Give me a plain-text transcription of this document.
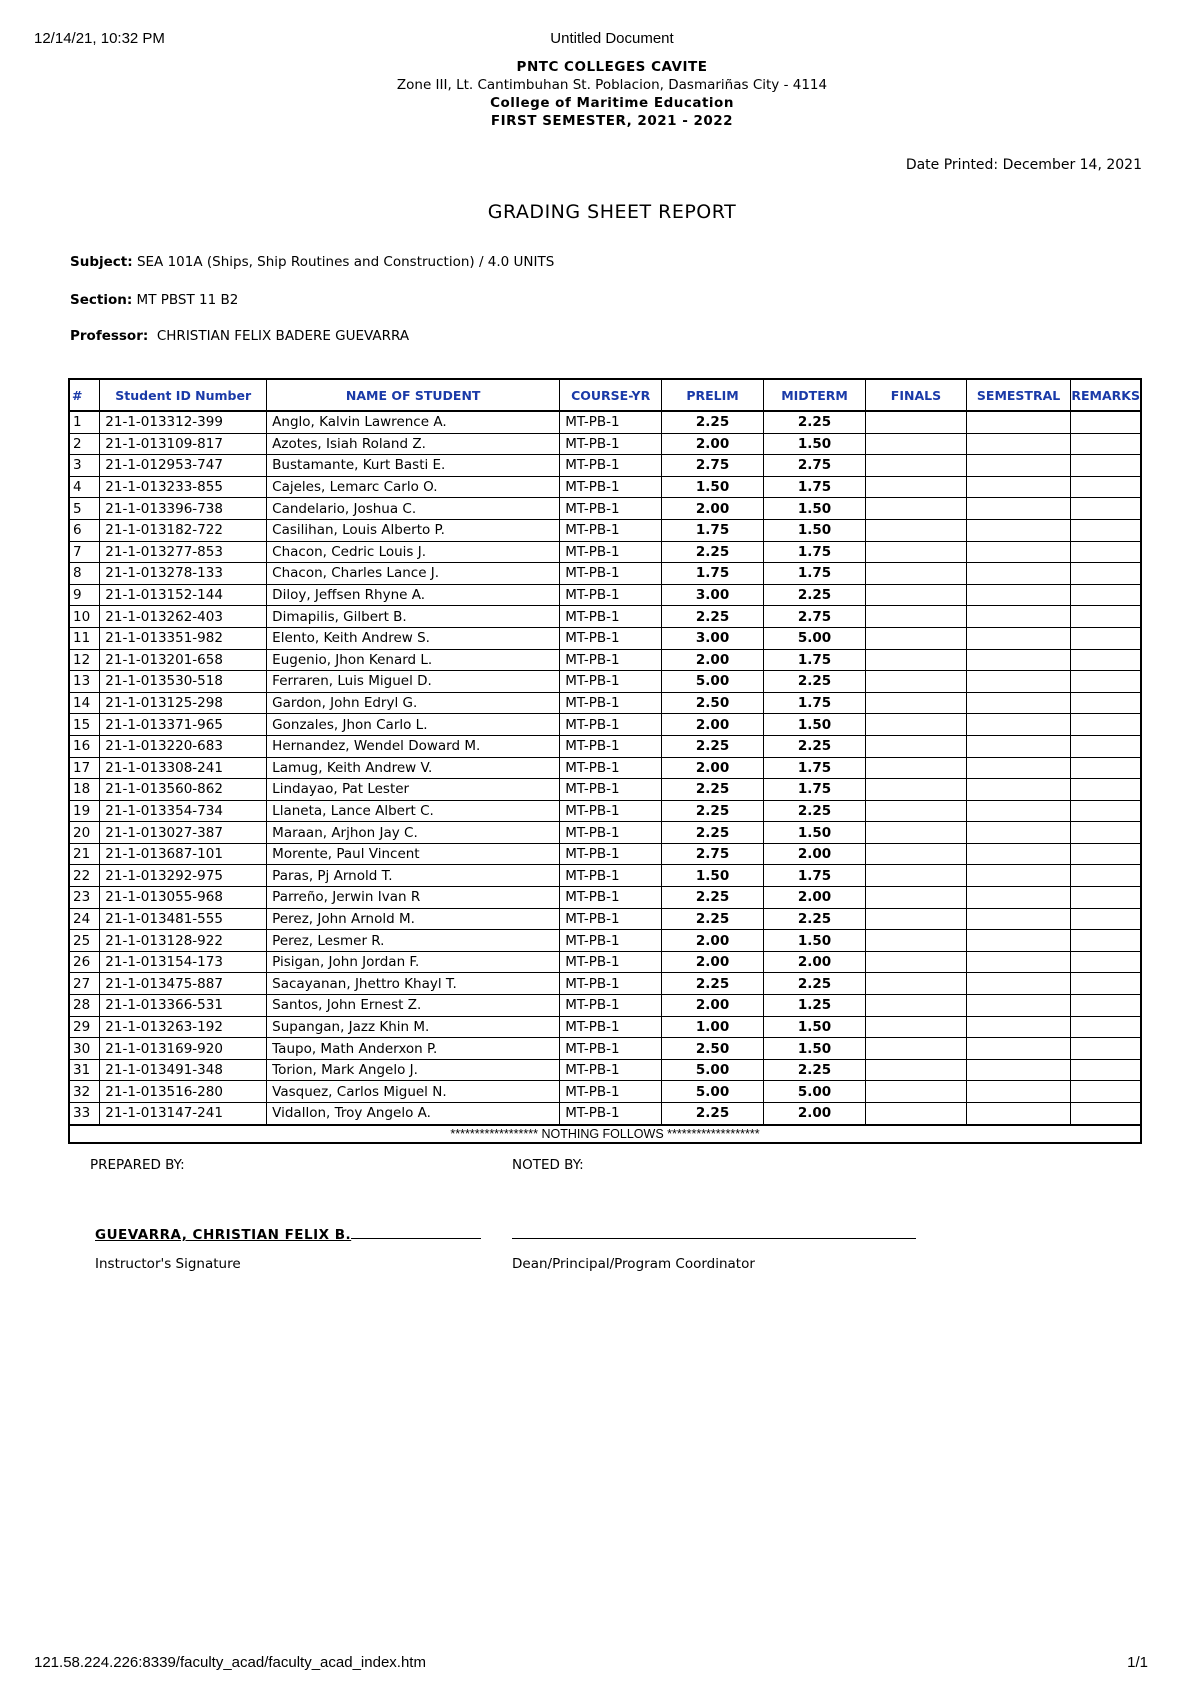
12/14/21, 10:32 PM	Untitled Document
PNTC COLLEGES CAVITE
Zone III, Lt. Cantimbuhan St. Poblacion, Dasmariñas City - 4114
College of Maritime Education
FIRST SEMESTER, 2021 - 2022
Date Printed: December 14, 2021
GRADING SHEET REPORT
Subject: SEA 101A (Ships, Ship Routines and Construction) / 4.0 UNITS
Section: MT PBST 11 B2
Professor: CHRISTIAN FELIX BADERE GUEVARRA
#	Student ID Number	NAME OF STUDENT	COURSE-YR	PRELIM	MIDTERM	FINALS	SEMESTRAL	REMARKS
1	21-1-013312-399	Anglo, Kalvin Lawrence A.	MT-PB-1	2.25	2.25			
2	21-1-013109-817	Azotes, Isiah Roland Z.	MT-PB-1	2.00	1.50			
3	21-1-012953-747	Bustamante, Kurt Basti E.	MT-PB-1	2.75	2.75			
4	21-1-013233-855	Cajeles, Lemarc Carlo O.	MT-PB-1	1.50	1.75			
5	21-1-013396-738	Candelario, Joshua C.	MT-PB-1	2.00	1.50			
6	21-1-013182-722	Casilihan, Louis Alberto P.	MT-PB-1	1.75	1.50			
7	21-1-013277-853	Chacon, Cedric Louis J.	MT-PB-1	2.25	1.75			
8	21-1-013278-133	Chacon, Charles Lance J.	MT-PB-1	1.75	1.75			
9	21-1-013152-144	Diloy, Jeffsen Rhyne A.	MT-PB-1	3.00	2.25			
10	21-1-013262-403	Dimapilis, Gilbert B.	MT-PB-1	2.25	2.75			
11	21-1-013351-982	Elento, Keith Andrew S.	MT-PB-1	3.00	5.00			
12	21-1-013201-658	Eugenio, Jhon Kenard L.	MT-PB-1	2.00	1.75			
13	21-1-013530-518	Ferraren, Luis Miguel D.	MT-PB-1	5.00	2.25			
14	21-1-013125-298	Gardon, John Edryl G.	MT-PB-1	2.50	1.75			
15	21-1-013371-965	Gonzales, Jhon Carlo L.	MT-PB-1	2.00	1.50			
16	21-1-013220-683	Hernandez, Wendel Doward M.	MT-PB-1	2.25	2.25			
17	21-1-013308-241	Lamug, Keith Andrew V.	MT-PB-1	2.00	1.75			
18	21-1-013560-862	Lindayao, Pat Lester	MT-PB-1	2.25	1.75			
19	21-1-013354-734	Llaneta, Lance Albert C.	MT-PB-1	2.25	2.25			
20	21-1-013027-387	Maraan, Arjhon Jay C.	MT-PB-1	2.25	1.50			
21	21-1-013687-101	Morente, Paul Vincent	MT-PB-1	2.75	2.00			
22	21-1-013292-975	Paras, Pj Arnold T.	MT-PB-1	1.50	1.75			
23	21-1-013055-968	Parreño, Jerwin Ivan R	MT-PB-1	2.25	2.00			
24	21-1-013481-555	Perez, John Arnold M.	MT-PB-1	2.25	2.25			
25	21-1-013128-922	Perez, Lesmer R.	MT-PB-1	2.00	1.50			
26	21-1-013154-173	Pisigan, John Jordan F.	MT-PB-1	2.00	2.00			
27	21-1-013475-887	Sacayanan, Jhettro Khayl T.	MT-PB-1	2.25	2.25			
28	21-1-013366-531	Santos, John Ernest Z.	MT-PB-1	2.00	1.25			
29	21-1-013263-192	Supangan, Jazz Khin M.	MT-PB-1	1.00	1.50			
30	21-1-013169-920	Taupo, Math Anderxon P.	MT-PB-1	2.50	1.50			
31	21-1-013491-348	Torion, Mark Angelo J.	MT-PB-1	5.00	2.25			
32	21-1-013516-280	Vasquez, Carlos Miguel N.	MT-PB-1	5.00	5.00			
33	21-1-013147-241	Vidallon, Troy Angelo A.	MT-PB-1	2.25	2.00			
****************** NOTHING FOLLOWS *******************								
PREPARED BY:	NOTED BY:
GUEVARRA, CHRISTIAN FELIX B.
Instructor's Signature	Dean/Principal/Program Coordinator
121.58.224.226:8339/faculty_acad/faculty_acad_index.htm	1/1
